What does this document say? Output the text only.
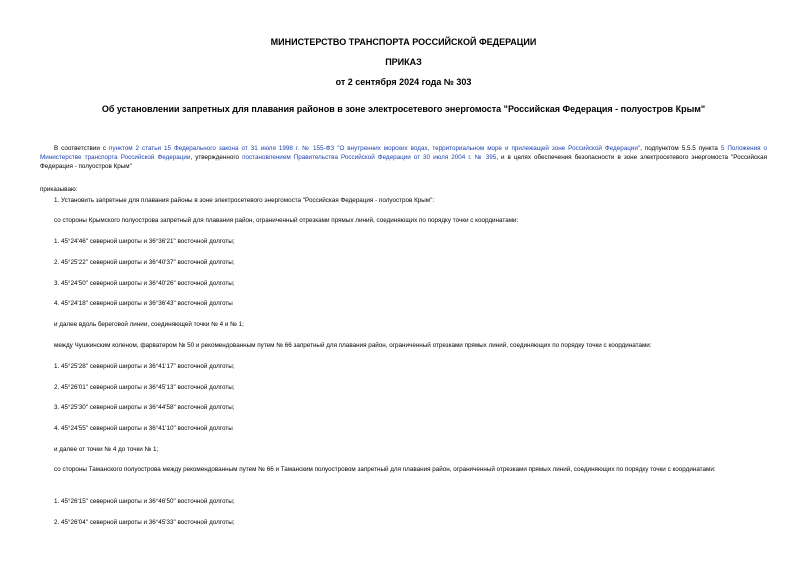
МИНИСТЕРСТВО ТРАНСПОРТА РОССИЙСКОЙ ФЕДЕРАЦИИ
ПРИКАЗ
от 2 сентября 2024 года № 303
Об установлении запретных для плавания районов в зоне электросетевого энергомоста "Российская Федерация - полуостров Крым"
В соответствии с пунктом 2 статьи 15 Федерального закона от 31 июля 1998 г. № 155-ФЗ "О внутренних морских водах, территориальном море и прилежащей зоне Российской Федерации", подпунктом 5.5.5 пункта 5 Положения о Министерстве транспорта Российской Федерации, утвержденного постановлением Правительства Российской Федерации от 30 июля 2004 г. № 395, и в целях обеспечения безопасности в зоне электросетевого энергомоста "Российская Федерация - полуостров Крым"
приказываю:
1. Установить запретные для плавания районы в зоне электросетевого энергомоста "Российская Федерация - полуостров Крым":
со стороны Крымского полуострова запретный для плавания район, ограниченный отрезками прямых линий, соединяющих по порядку точки с координатами:
1. 45°24'46" северной широты и 36°36'21" восточной долготы;
2. 45°25'22" северной широты и 36°40'37" восточной долготы;
3. 45°24'50" северной широты и 36°40'26" восточной долготы;
4. 45°24'18" северной широты и 36°36'43" восточной долготы
и далее вдоль береговой линии, соединяющей точки № 4 и № 1;
между Чушкинским коленом, фарватером № 50 и рекомендованным путем № 66 запретный для плавания район, ограниченный отрезками прямых линий, соединяющих по порядку точки с координатами:
1. 45°25'28" северной широты и 36°41'17" восточной долготы;
2. 45°26'01" северной широты и 36°45'13" восточной долготы;
3. 45°25'30" северной широты и 36°44'58" восточной долготы;
4. 45°24'55" северной широты и 36°41'10" восточной долготы
и далее от точки № 4 до точки № 1;
со стороны Таманского полуострова между рекомендованным путем № 66 и Таманским полуостровом запретный для плавания район, ограниченный отрезками прямых линий, соединяющих по порядку точки с координатами:
1. 45°26'15" северной широты и 36°46'50" восточной долготы;
2. 45°26'04" северной широты и 36°45'33" восточной долготы;
